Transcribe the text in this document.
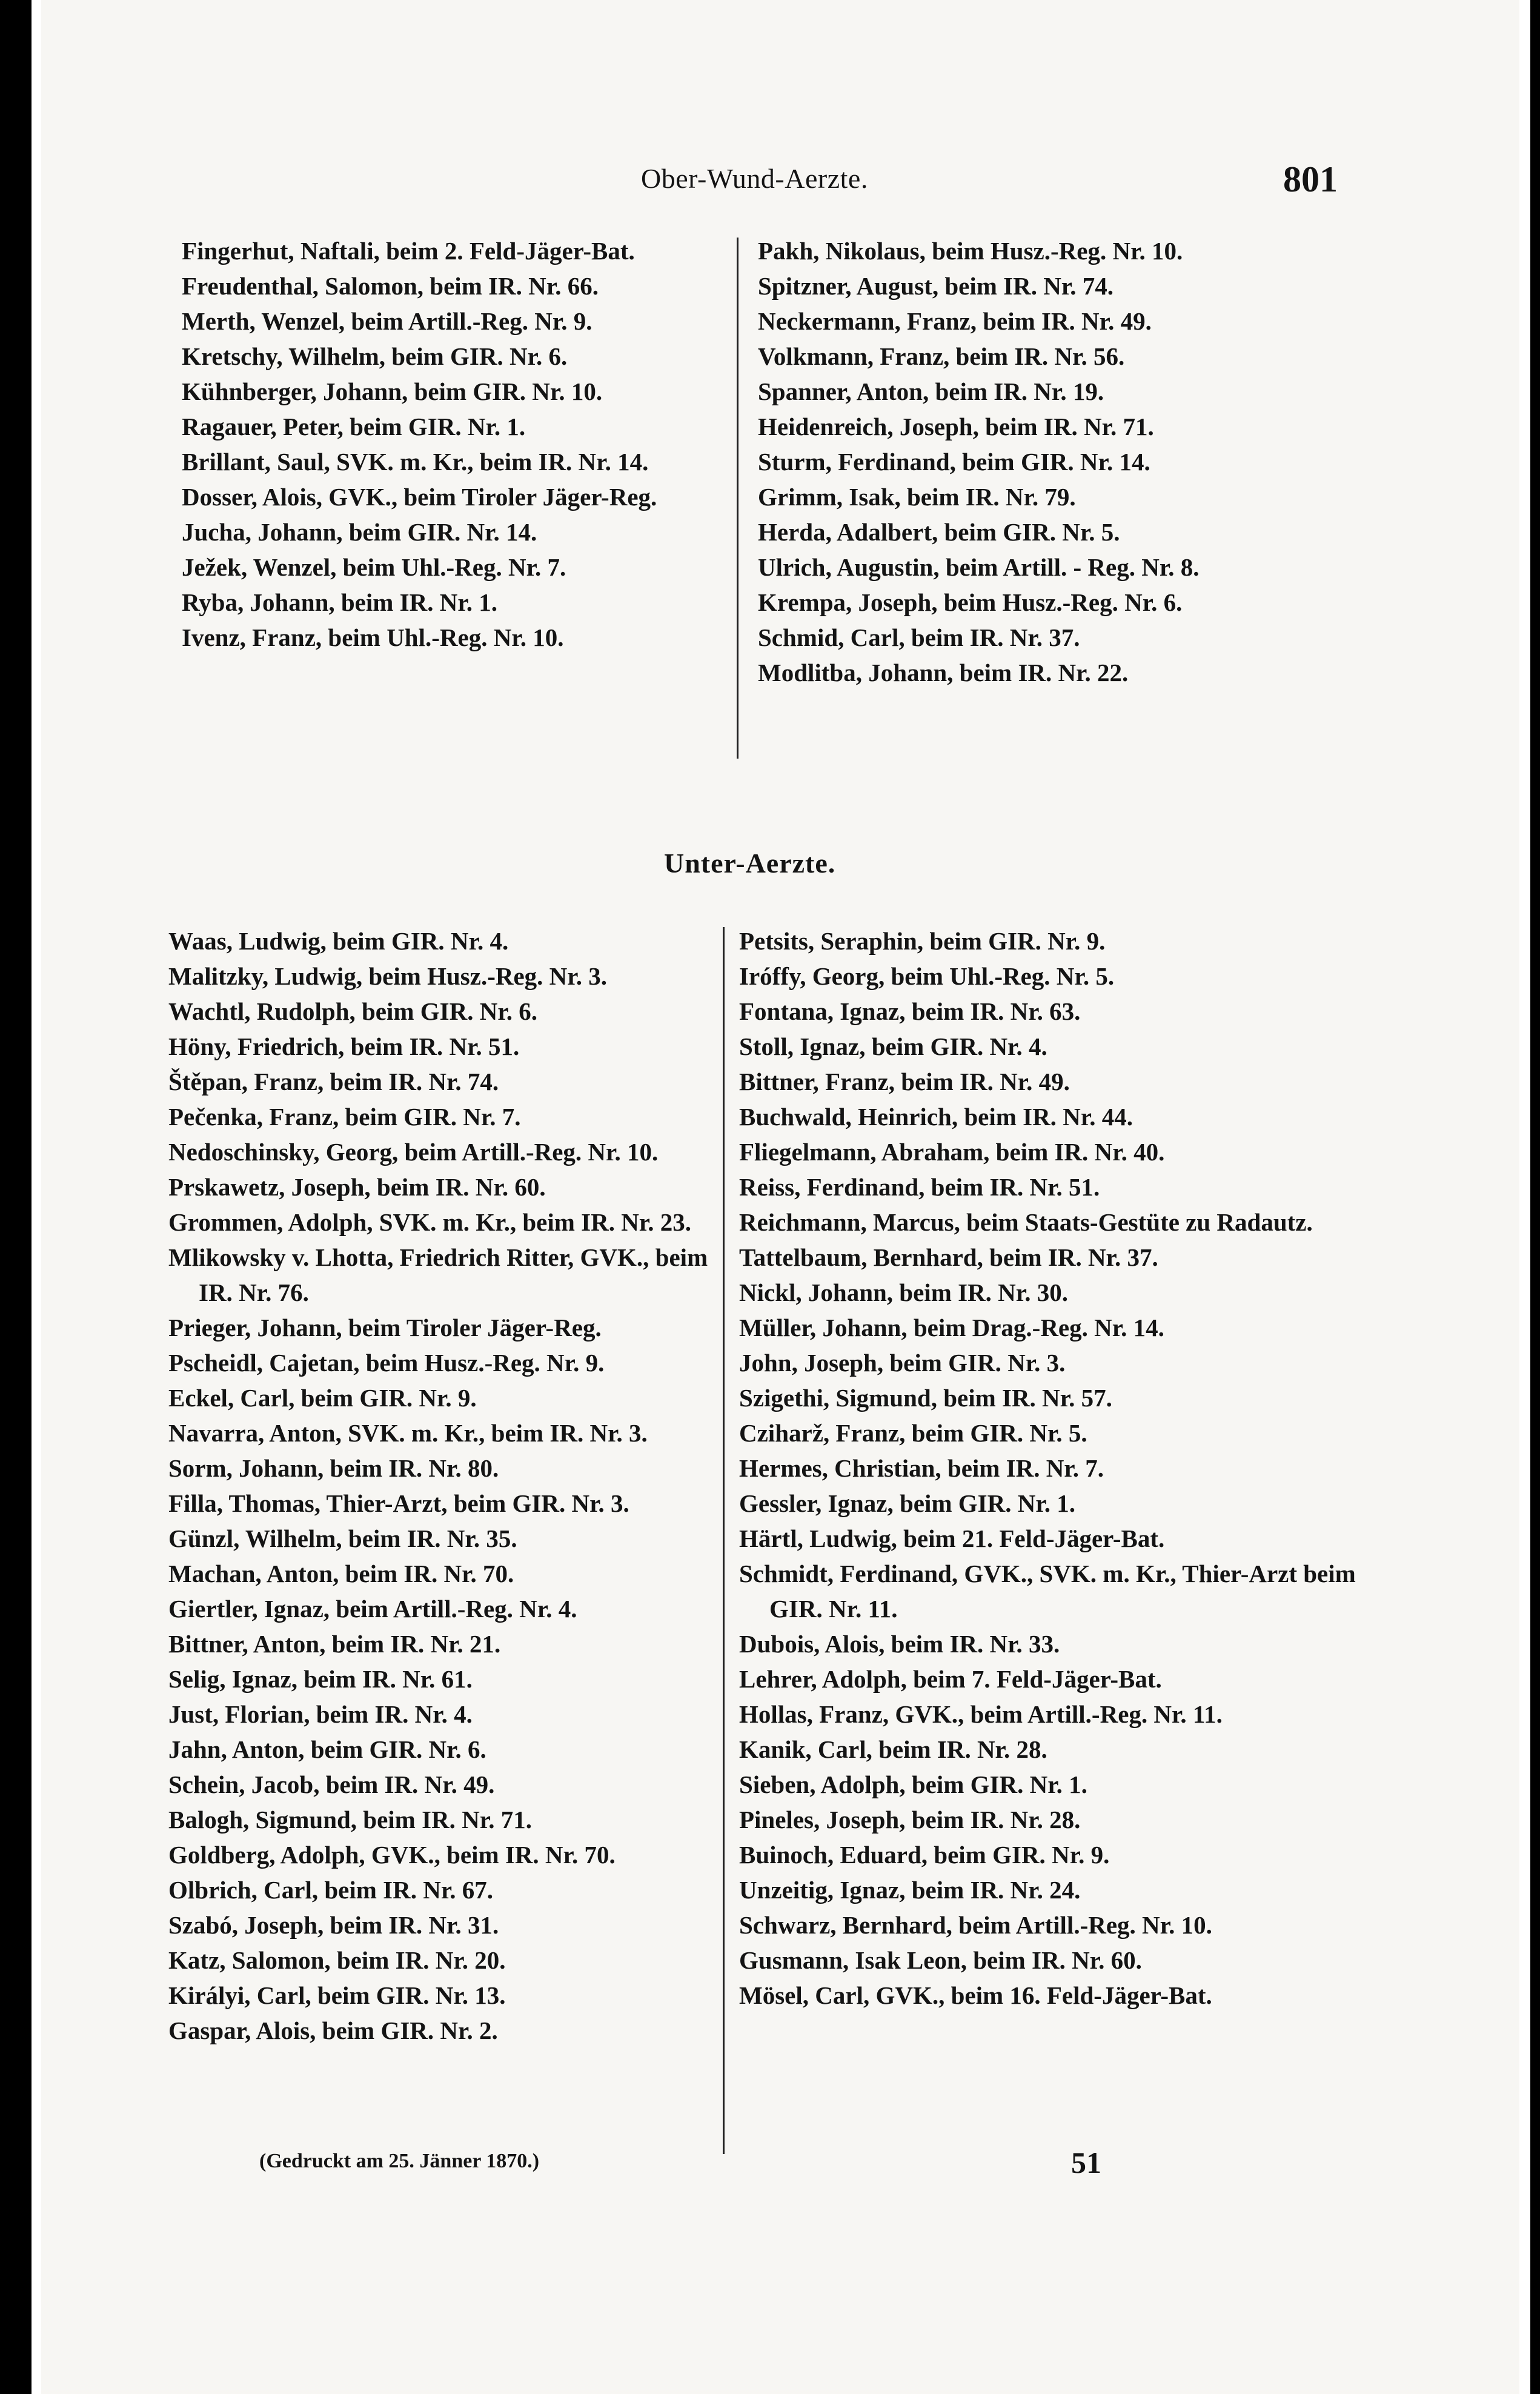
Ober-Wund-Aerzte.	801
Fingerhut, Naftali, beim 2. Feld-Jäger-Bat.
Freudenthal, Salomon, beim IR. Nr. 66.
Merth, Wenzel, beim Artill.-Reg. Nr. 9.
Kretschy, Wilhelm, beim GIR. Nr. 6.
Kühnberger, Johann, beim GIR. Nr. 10.
Ragauer, Peter, beim GIR. Nr. 1.
Brillant, Saul, SVK. m. Kr., beim IR. Nr. 14.
Dosser, Alois, GVK., beim Tiroler Jäger-Reg.
Jucha, Johann, beim GIR. Nr. 14.
Ježek, Wenzel, beim Uhl.-Reg. Nr. 7.
Ryba, Johann, beim IR. Nr. 1.
Ivenz, Franz, beim Uhl.-Reg. Nr. 10.
Pakh, Nikolaus, beim Husz.-Reg. Nr. 10.
Spitzner, August, beim IR. Nr. 74.
Neckermann, Franz, beim IR. Nr. 49.
Volkmann, Franz, beim IR. Nr. 56.
Spanner, Anton, beim IR. Nr. 19.
Heidenreich, Joseph, beim IR. Nr. 71.
Sturm, Ferdinand, beim GIR. Nr. 14.
Grimm, Isak, beim IR. Nr. 79.
Herda, Adalbert, beim GIR. Nr. 5.
Ulrich, Augustin, beim Artill. - Reg. Nr. 8.
Krempa, Joseph, beim Husz.-Reg. Nr. 6.
Schmid, Carl, beim IR. Nr. 37.
Modlitba, Johann, beim IR. Nr. 22.
Unter-Aerzte.
Waas, Ludwig, beim GIR. Nr. 4.
Malitzky, Ludwig, beim Husz.-Reg. Nr. 3.
Wachtl, Rudolph, beim GIR. Nr. 6.
Höny, Friedrich, beim IR. Nr. 51.
Štěpan, Franz, beim IR. Nr. 74.
Pečenka, Franz, beim GIR. Nr. 7.
Nedoschinsky, Georg, beim Artill.-Reg. Nr. 10.
Prskawetz, Joseph, beim IR. Nr. 60.
Grommen, Adolph, SVK. m. Kr., beim IR. Nr. 23.
Mlikowsky v. Lhotta, Friedrich Ritter, GVK., beim IR. Nr. 76.
Prieger, Johann, beim Tiroler Jäger-Reg.
Pscheidl, Cajetan, beim Husz.-Reg. Nr. 9.
Eckel, Carl, beim GIR. Nr. 9.
Navarra, Anton, SVK. m. Kr., beim IR. Nr. 3.
Sorm, Johann, beim IR. Nr. 80.
Filla, Thomas, Thier-Arzt, beim GIR. Nr. 3.
Günzl, Wilhelm, beim IR. Nr. 35.
Machan, Anton, beim IR. Nr. 70.
Giertler, Ignaz, beim Artill.-Reg. Nr. 4.
Bittner, Anton, beim IR. Nr. 21.
Selig, Ignaz, beim IR. Nr. 61.
Just, Florian, beim IR. Nr. 4.
Jahn, Anton, beim GIR. Nr. 6.
Schein, Jacob, beim IR. Nr. 49.
Balogh, Sigmund, beim IR. Nr. 71.
Goldberg, Adolph, GVK., beim IR. Nr. 70.
Olbrich, Carl, beim IR. Nr. 67.
Szabó, Joseph, beim IR. Nr. 31.
Katz, Salomon, beim IR. Nr. 20.
Királyi, Carl, beim GIR. Nr. 13.
Gaspar, Alois, beim GIR. Nr. 2.
Petsits, Seraphin, beim GIR. Nr. 9.
Iróffy, Georg, beim Uhl.-Reg. Nr. 5.
Fontana, Ignaz, beim IR. Nr. 63.
Stoll, Ignaz, beim GIR. Nr. 4.
Bittner, Franz, beim IR. Nr. 49.
Buchwald, Heinrich, beim IR. Nr. 44.
Fliegelmann, Abraham, beim IR. Nr. 40.
Reiss, Ferdinand, beim IR. Nr. 51.
Reichmann, Marcus, beim Staats-Gestüte zu Radautz.
Tattelbaum, Bernhard, beim IR. Nr. 37.
Nickl, Johann, beim IR. Nr. 30.
Müller, Johann, beim Drag.-Reg. Nr. 14.
John, Joseph, beim GIR. Nr. 3.
Szigethi, Sigmund, beim IR. Nr. 57.
Cziharž, Franz, beim GIR. Nr. 5.
Hermes, Christian, beim IR. Nr. 7.
Gessler, Ignaz, beim GIR. Nr. 1.
Härtl, Ludwig, beim 21. Feld-Jäger-Bat.
Schmidt, Ferdinand, GVK., SVK. m. Kr., Thier-Arzt beim GIR. Nr. 11.
Dubois, Alois, beim IR. Nr. 33.
Lehrer, Adolph, beim 7. Feld-Jäger-Bat.
Hollas, Franz, GVK., beim Artill.-Reg. Nr. 11.
Kanik, Carl, beim IR. Nr. 28.
Sieben, Adolph, beim GIR. Nr. 1.
Pineles, Joseph, beim IR. Nr. 28.
Buinoch, Eduard, beim GIR. Nr. 9.
Unzeitig, Ignaz, beim IR. Nr. 24.
Schwarz, Bernhard, beim Artill.-Reg. Nr. 10.
Gusmann, Isak Leon, beim IR. Nr. 60.
Mösel, Carl, GVK., beim 16. Feld-Jäger-Bat.
(Gedruckt am 25. Jänner 1870.)	51
